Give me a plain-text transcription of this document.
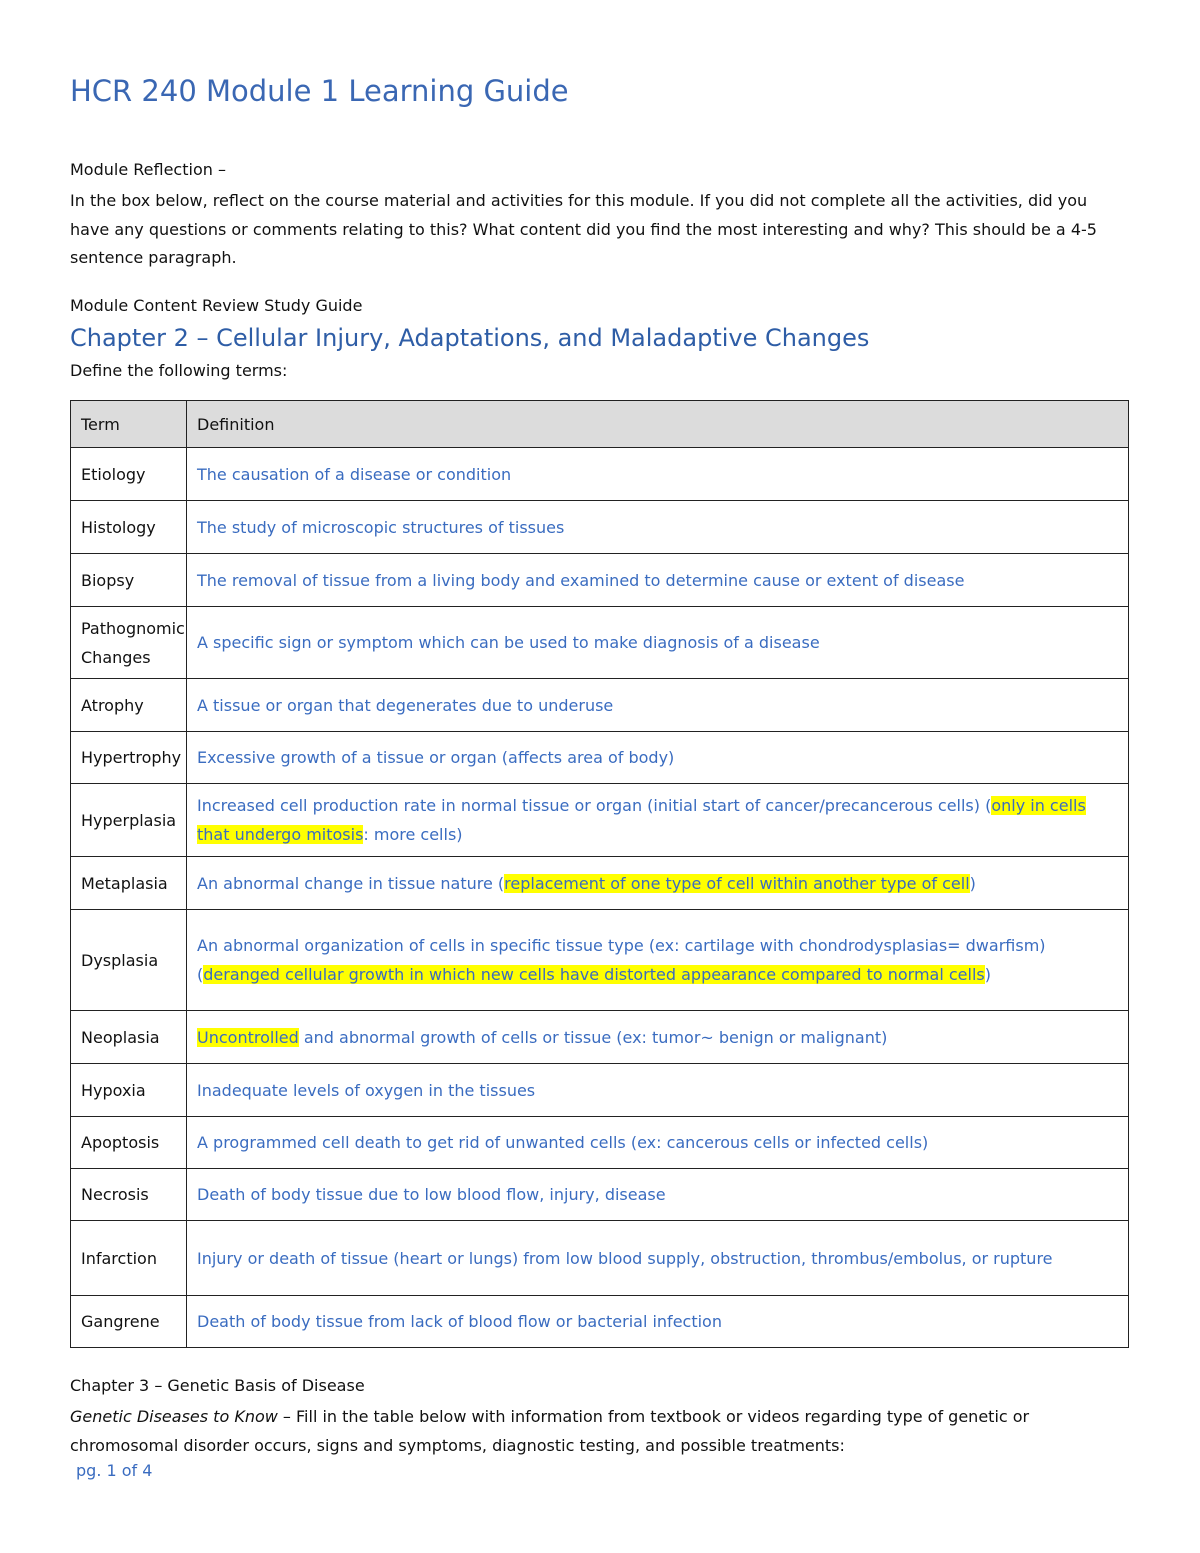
HCR 240 Module 1 Learning Guide
Module Reflection –
In the box below, reflect on the course material and activities for this module. If you did not complete all the activities, did you have any questions or comments relating to this? What content did you find the most interesting and why? This should be a 4-5 sentence paragraph.
Module Content Review Study Guide
Chapter 2 – Cellular Injury, Adaptations, and Maladaptive Changes
Define the following terms:
Term	Definition
Etiology	The causation of a disease or condition
Histology	The study of microscopic structures of tissues
Biopsy	The removal of tissue from a living body and examined to determine cause or extent of disease
Pathognomic Changes	A specific sign or symptom which can be used to make diagnosis of a disease
Atrophy	A tissue or organ that degenerates due to underuse
Hypertrophy	Excessive growth of a tissue or organ (affects area of body)
Hyperplasia	Increased cell production rate in normal tissue or organ (initial start of cancer/precancerous cells) (only in cells that undergo mitosis: more cells)
Metaplasia	An abnormal change in tissue nature (replacement of one type of cell within another type of cell)
Dysplasia	An abnormal organization of cells in specific tissue type (ex: cartilage with chondrodysplasias= dwarfism) (deranged cellular growth in which new cells have distorted appearance compared to normal cells)
Neoplasia	Uncontrolled and abnormal growth of cells or tissue (ex: tumor~ benign or malignant)
Hypoxia	Inadequate levels of oxygen in the tissues
Apoptosis	A programmed cell death to get rid of unwanted cells (ex: cancerous cells or infected cells)
Necrosis	Death of body tissue due to low blood flow, injury, disease
Infarction	Injury or death of tissue (heart or lungs) from low blood supply, obstruction, thrombus/embolus, or rupture
Gangrene	Death of body tissue from lack of blood flow or bacterial infection
Chapter 3 – Genetic Basis of Disease
Genetic Diseases to Know – Fill in the table below with information from textbook or videos regarding type of genetic or chromosomal disorder occurs, signs and symptoms, diagnostic testing, and possible treatments:
pg. 1 of 4
